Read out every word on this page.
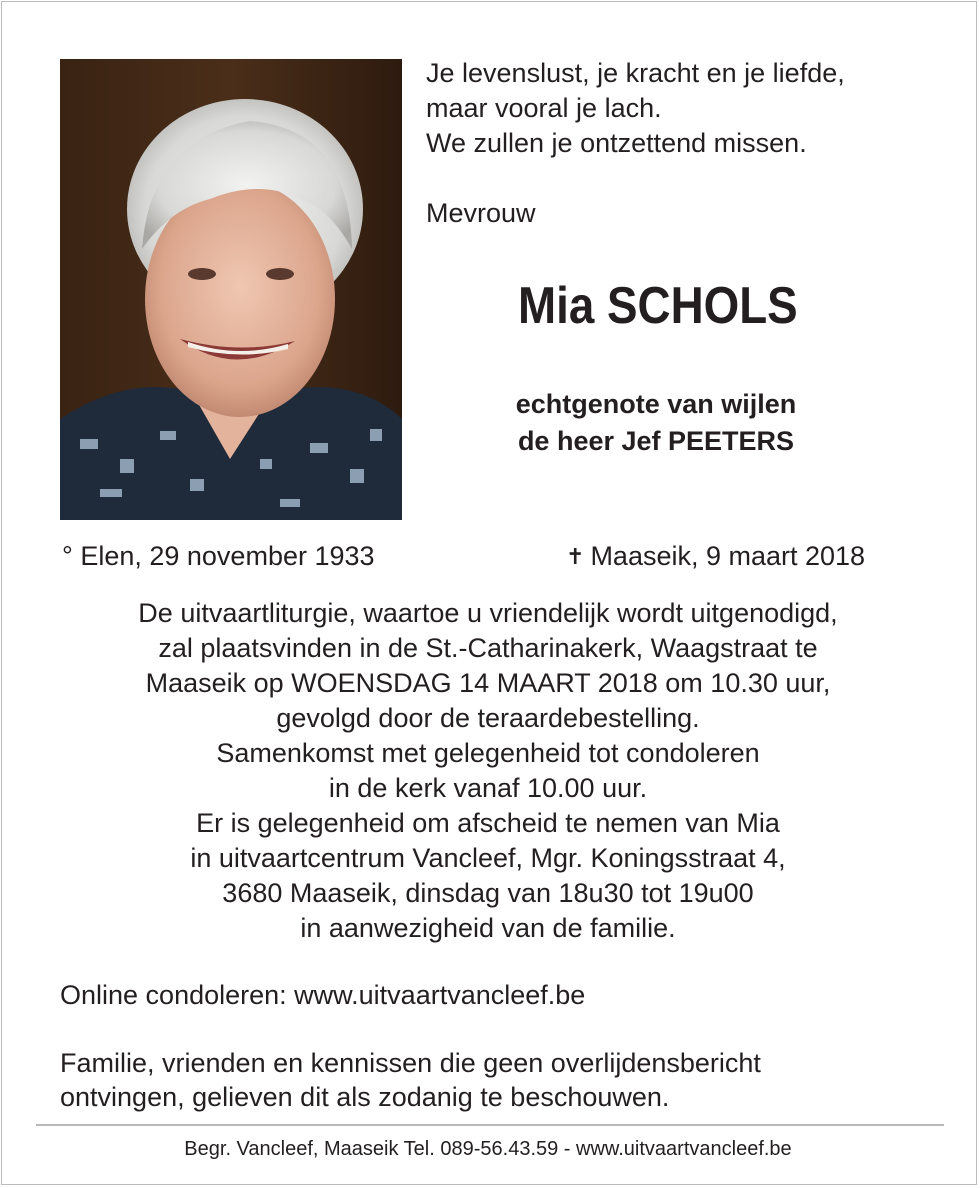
Je levenslust, je kracht en je liefde,
maar vooral je lach.
We zullen je ontzettend missen.
Mevrouw
Mia SCHOLS
echtgenote van wijlen
de heer Jef PEETERS
° Elen, 29 november 1933	✝ Maaseik, 9 maart 2018
De uitvaartliturgie, waartoe u vriendelijk wordt uitgenodigd,
zal plaatsvinden in de St.-Catharinakerk, Waagstraat te
Maaseik op WOENSDAG 14 MAART 2018 om 10.30 uur,
gevolgd door de teraardebestelling.
Samenkomst met gelegenheid tot condoleren
in de kerk vanaf 10.00 uur.
Er is gelegenheid om afscheid te nemen van Mia
in uitvaartcentrum Vancleef, Mgr. Koningsstraat 4,
3680 Maaseik, dinsdag van 18u30 tot 19u00
in aanwezigheid van de familie.
Online condoleren: www.uitvaartvancleef.be
Familie, vrienden en kennissen die geen overlijdensbericht
ontvingen, gelieven dit als zodanig te beschouwen.
Begr. Vancleef, Maaseik Tel. 089-56.43.59 - www.uitvaartvancleef.be
